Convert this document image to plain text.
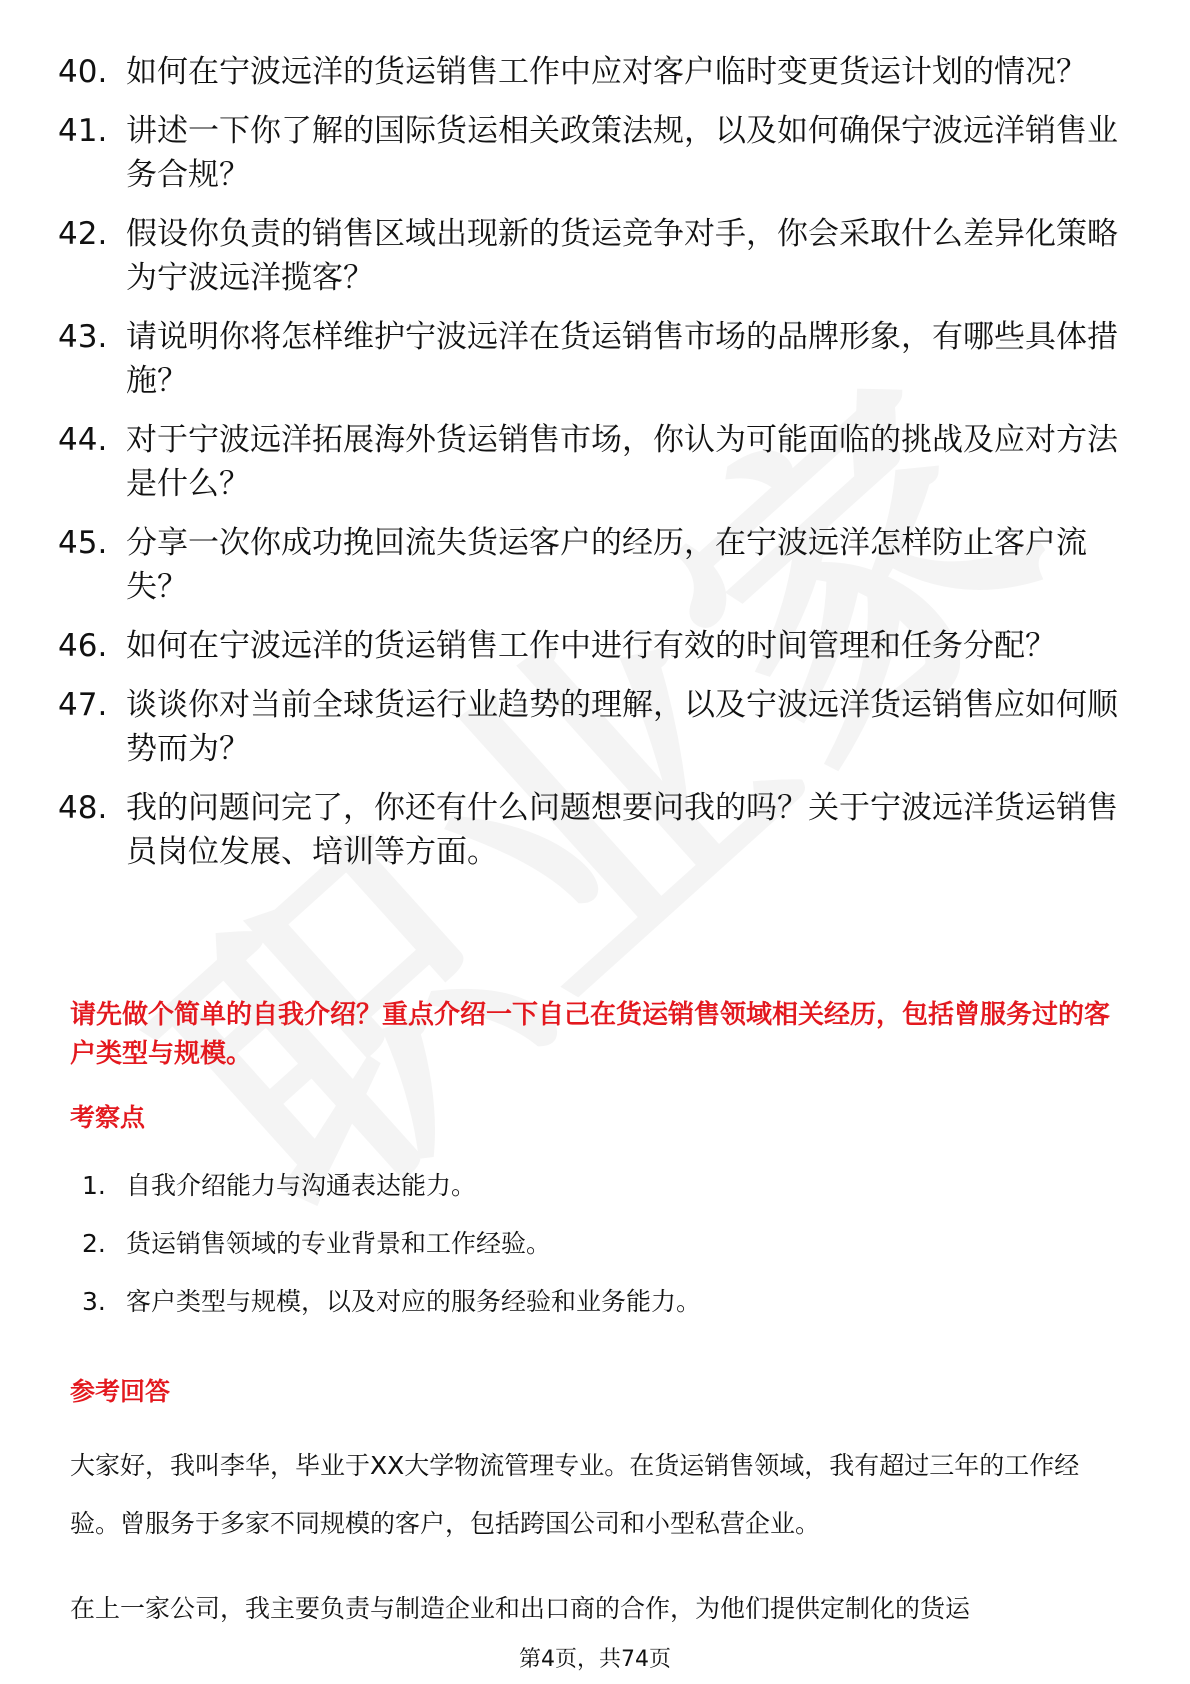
40. 如何在宁波远洋的货运销售工作中应对客户临时变更货运计划的情况？
41. 讲述一下你了解的国际货运相关政策法规，以及如何确保宁波远洋销售业务合规？
42. 假设你负责的销售区域出现新的货运竞争对手，你会采取什么差异化策略为宁波远洋揽客？
43. 请说明你将怎样维护宁波远洋在货运销售市场的品牌形象，有哪些具体措施？
44. 对于宁波远洋拓展海外货运销售市场，你认为可能面临的挑战及应对方法是什么？
45. 分享一次你成功挽回流失货运客户的经历，在宁波远洋怎样防止客户流失？
46. 如何在宁波远洋的货运销售工作中进行有效的时间管理和任务分配？
47. 谈谈你对当前全球货运行业趋势的理解，以及宁波远洋货运销售应如何顺势而为？
48. 我的问题问完了，你还有什么问题想要问我的吗？关于宁波远洋货运销售员岗位发展、培训等方面。

请先做个简单的自我介绍？重点介绍一下自己在货运销售领域相关经历，包括曾服务过的客户类型与规模。

考察点
1. 自我介绍能力与沟通表达能力。
2. 货运销售领域的专业背景和工作经验。
3. 客户类型与规模，以及对应的服务经验和业务能力。
参考回答

大家好，我叫李华，毕业于XX大学物流管理专业。在货运销售领域，我有超过三年的工作经验。曾服务于多家不同规模的客户，包括跨国公司和小型私营企业。

在上一家公司，我主要负责与制造企业和出口商的合作，为他们提供定制化的货运

第4页，共74页
